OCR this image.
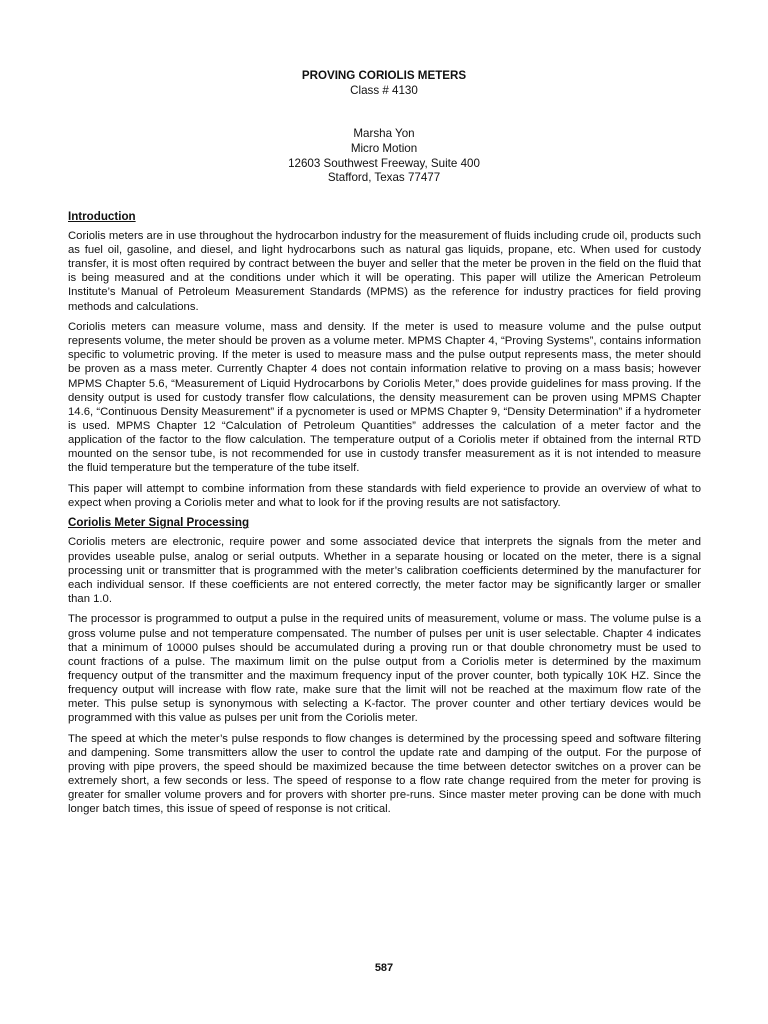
PROVING CORIOLIS METERS
Class # 4130
Marsha Yon
Micro Motion
12603 Southwest Freeway, Suite 400
Stafford, Texas 77477
Introduction

Coriolis meters are in use throughout the hydrocarbon industry for the measurement of fluids including crude oil, products such as fuel oil, gasoline, and diesel, and light hydrocarbons such as natural gas liquids, propane, etc. When used for custody transfer, it is most often required by contract between the buyer and seller that the meter be proven in the field on the fluid that is being measured and at the conditions under which it will be operating. This paper will utilize the American Petroleum Institute’s Manual of Petroleum Measurement Standards (MPMS) as the reference for industry practices for field proving methods and calculations.

Coriolis meters can measure volume, mass and density. If the meter is used to measure volume and the pulse output represents volume, the meter should be proven as a volume meter. MPMS Chapter 4, “Proving Systems”, contains information specific to volumetric proving. If the meter is used to measure mass and the pulse output represents mass, the meter should be proven as a mass meter. Currently Chapter 4 does not contain information relative to proving on a mass basis; however MPMS Chapter 5.6, “Measurement of Liquid Hydrocarbons by Coriolis Meter,” does provide guidelines for mass proving. If the density output is used for custody transfer flow calculations, the density measurement can be proven using MPMS Chapter 14.6, “Continuous Density Measurement” if a pycnometer is used or MPMS Chapter 9, “Density Determination” if a hydrometer is used. MPMS Chapter 12 “Calculation of Petroleum Quantities” addresses the calculation of a meter factor and the application of the factor to the flow calculation. The temperature output of a Coriolis meter if obtained from the internal RTD mounted on the sensor tube, is not recommended for use in custody transfer measurement as it is not intended to measure the fluid temperature but the temperature of the tube itself.

This paper will attempt to combine information from these standards with field experience to provide an overview of what to expect when proving a Coriolis meter and what to look for if the proving results are not satisfactory.

Coriolis Meter Signal Processing

Coriolis meters are electronic, require power and some associated device that interprets the signals from the meter and provides useable pulse, analog or serial outputs. Whether in a separate housing or located on the meter, there is a signal processing unit or transmitter that is programmed with the meter’s calibration coefficients determined by the manufacturer for each individual sensor. If these coefficients are not entered correctly, the meter factor may be significantly larger or smaller than 1.0.

The processor is programmed to output a pulse in the required units of measurement, volume or mass. The volume pulse is a gross volume pulse and not temperature compensated. The number of pulses per unit is user selectable. Chapter 4 indicates that a minimum of 10000 pulses should be accumulated during a proving run or that double chronometry must be used to count fractions of a pulse. The maximum limit on the pulse output from a Coriolis meter is determined by the maximum frequency output of the transmitter and the maximum frequency input of the prover counter, both typically 10K HZ. Since the frequency output will increase with flow rate, make sure that the limit will not be reached at the maximum flow rate of the meter. This pulse setup is synonymous with selecting a K-factor. The prover counter and other tertiary devices would be programmed with this value as pulses per unit from the Coriolis meter.

The speed at which the meter’s pulse responds to flow changes is determined by the processing speed and software filtering and dampening. Some transmitters allow the user to control the update rate and damping of the output. For the purpose of proving with pipe provers, the speed should be maximized because the time between detector switches on a prover can be extremely short, a few seconds or less. The speed of response to a flow rate change required from the meter for proving is greater for smaller volume provers and for provers with shorter pre-runs. Since master meter proving can be done with much longer batch times, this issue of speed of response is not critical.

587
